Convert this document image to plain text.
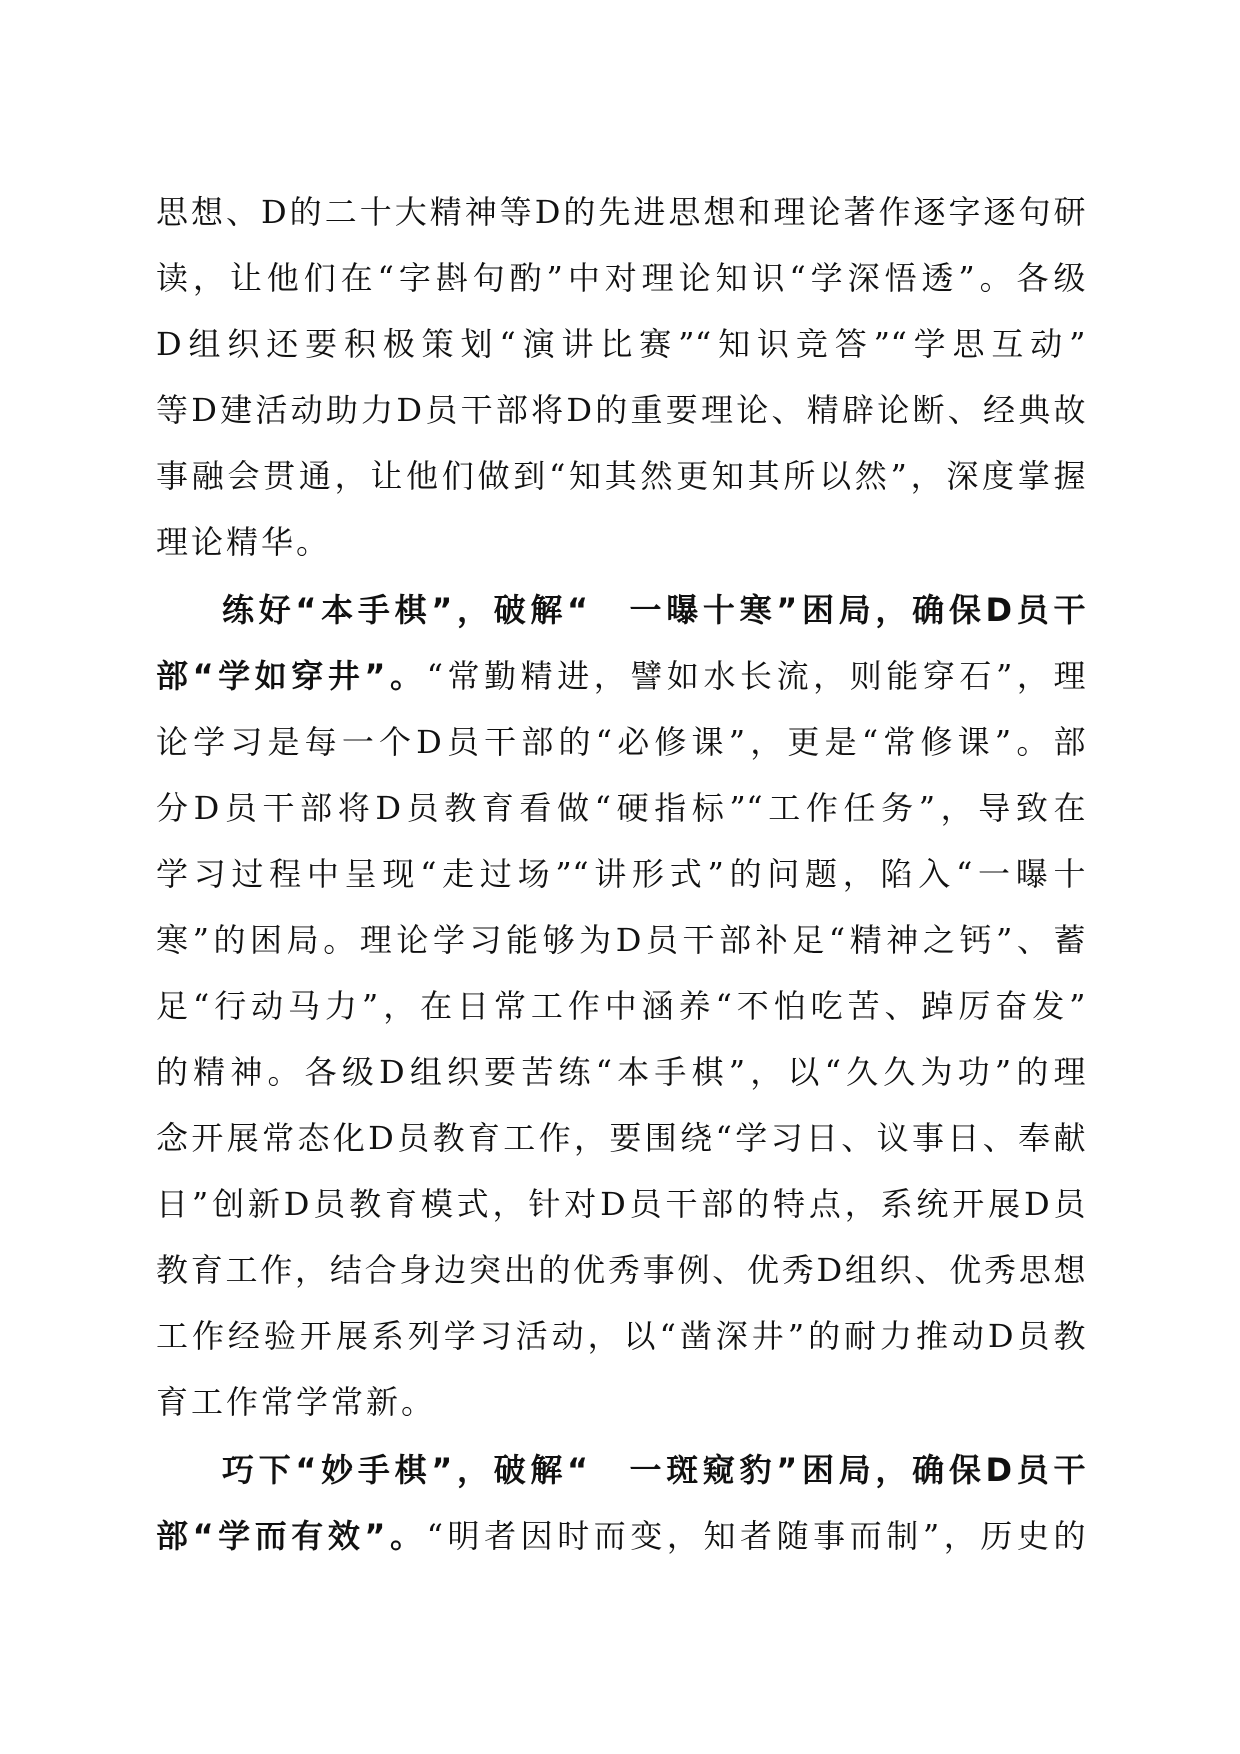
思想、D的二十大精神等D的先进思想和理论著作逐字逐句研
读，让他们在“字斟句酌”中对理论知识“学深悟透”。各级
D组织还要积极策划“演讲比赛”“知识竞答”“学思互动”
等D建活动助力D员干部将D的重要理论、精辟论断、经典故
事融会贯通，让他们做到“知其然更知其所以然”，深度掌握
理论精华。
练好“本手棋”，破解“　一曝十寒”困局，确保D员干
部“学如穿井”。“常勤精进，譬如水长流，则能穿石”，理
论学习是每一个D员干部的“必修课”，更是“常修课”。部
分D员干部将D员教育看做“硬指标”“工作任务”，导致在
学习过程中呈现“走过场”“讲形式”的问题，陷入“一曝十
寒”的困局。理论学习能够为D员干部补足“精神之钙”、蓄
足“行动马力”，在日常工作中涵养“不怕吃苦、踔厉奋发”
的精神。各级D组织要苦练“本手棋”，以“久久为功”的理
念开展常态化D员教育工作，要围绕“学习日、议事日、奉献
日”创新D员教育模式，针对D员干部的特点，系统开展D员
教育工作，结合身边突出的优秀事例、优秀D组织、优秀思想
工作经验开展系列学习活动，以“凿深井”的耐力推动D员教
育工作常学常新。
巧下“妙手棋”，破解“　一斑窥豹”困局，确保D员干
部“学而有效”。“明者因时而变，知者随事而制”，历史的
